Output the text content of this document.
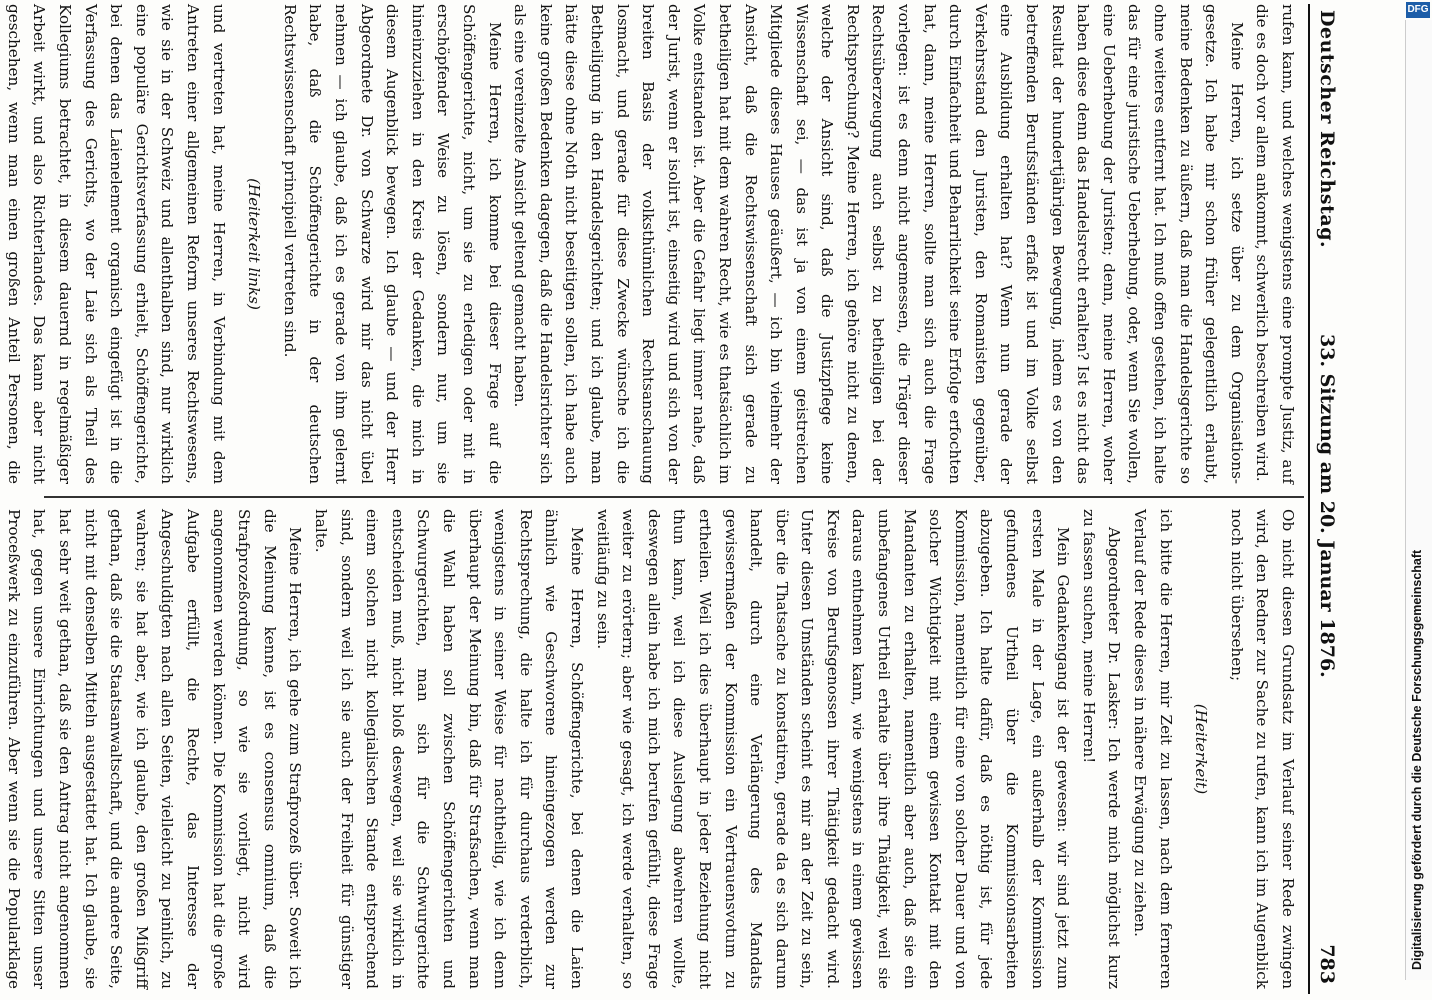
DFG
Digitalisierung gefördert durch die Deutsche Forschungsgemeinschaft
Deutscher Reichstag.
33. Sitzung am 20. Januar 1876.
783

rufen kann, und welches wenigstens eine prompte Justiz, auf die es doch vor allem ankommt, schwerlich beschreiben wird.

Meine Herren, ich setze über zu dem Organisations-gesetze. Ich habe mir schon früher gelegentlich erlaubt, meine Bedenken zu äußern, daß man die Handelsgerichte so ohne weiteres entfernt hat. Ich muß offen gestehen, ich halte das für eine juristische Ueberhebung, oder, wenn Sie wollen, eine Ueberhebung der Juristen; denn, meine Herren, woher haben diese denn das Handelsrecht erhalten? Ist es nicht das Resultat der hundertjährigen Bewegung, indem es von den betreffenden Berufsständen erfaßt ist und im Volke selbst eine Ausbildung erhalten hat? Wenn nun gerade der Verkehrsstand den Juristen, den Romanisten gegenüber, durch Einfachheit und Beharrlichkeit seine Erfolge erfochten hat, dann, meine Herren, sollte man sich auch die Frage vorlegen: ist es denn nicht angemessen, die Träger dieser Rechtsüberzeugung auch selbst zu betheiligen bei der Rechtsprechung? Meine Herren, ich gehöre nicht zu denen, welche der Ansicht sind, daß die Justizpflege keine Wissenschaft sei, — das ist ja von einem geistreichen Mitgliede dieses Hauses geäußert, — ich bin vielmehr der Ansicht, daß die Rechtswissenschaft sich gerade zu betheiligen hat mit dem wahren Recht, wie es thatsächlich im Volke entstanden ist. Aber die Gefahr liegt immer nahe, daß der Jurist, wenn er isolirt ist, einseitig wird und sich von der breiten Basis der volksthümlichen Rechtsanschauung losmacht, und gerade für diese Zwecke wünsche ich die Betheiligung in den Handelsgerichten; und ich glaube, man hätte diese ohne Noth nicht beseitigen sollen, ich habe auch keine großen Bedenken dagegen, daß die Handelsrichter sich als eine vereinzelte Ansicht geltend gemacht haben.

Meine Herren, ich komme bei dieser Frage auf die Schöffengerichte, nicht, um sie zu erledigen oder mit in erschöpfender Weise zu lösen, sondern nur, um sie hineinzuziehen in den Kreis der Gedanken, die mich in diesem Augenblick bewegen. Ich glaube — und der Herr Abgeordnete Dr. von Schwarze wird mir das nicht übel nehmen — ich glaube, daß ich es gerade von ihm gelernt habe, daß die Schöffengerichte in der deutschen Rechtswissenschaft principiell vertreten sind.

(Heiterkeit links)

und vertreten hat, meine Herren, in Verbindung mit dem Antreten einer allgemeinen Reform unseres Rechtswesens, wie sie in der Schweiz und allenthalben sind, nur wirklich eine populäre Gerichtsverfassung erhielt, Schöffengerichte, bei denen das Laienelement organisch eingefügt ist in die Verfassung des Gerichts, wo der Laie sich als Theil des Kollegiums betrachtet, in diesem dauernd in regelmäßiger Arbeit wirkt, und also Richterlandes. Das kann aber nicht geschehen, wenn man einen großen Anteil Personen, die

Ob nicht diesen Grundsatz im Verlauf seiner Rede zwingen wird, den Redner zur Sache zu rufen, kann ich im Augenblick noch nicht übersehen;

(Heiterkeit)

ich bitte die Herren, mir Zeit zu lassen, nach dem ferneren Verlauf der Rede dieses in nähere Erwägung zu ziehen.

Abgeordneter Dr. Lasker: Ich werde mich möglichst kurz zu fassen suchen, meine Herren!

Mein Gedankengang ist der gewesen: wir sind jetzt zum ersten Male in der Lage, ein außerhalb der Kommission gefundenes Urtheil über die Kommissionsarbeiten abzugeben. Ich halte dafür, daß es nöthig ist, für jede Kommission, namentlich für eine von solcher Dauer und von solcher Wichtigkeit mit einem gewissen Kontakt mit den Mandanten zu erhalten, namentlich aber auch, daß sie ein unbefangenes Urtheil erhalte über ihre Thätigkeit, weil sie daraus entnehmen kann, wie wenigstens in einem gewissen Kreise von Berufsgenossen ihrer Thätigkeit gedacht wird. Unter diesen Umständen scheint es mir an der Zeit zu sein, über die Thatsache zu konstatiren, gerade da es sich darum handelt, durch eine Verlängerung des Mandats gewissermaßen der Kommission ein Vertrauensvotum zu ertheilen. Weil ich dies überhaupt in jeder Beziehung nicht thun kann, weil ich diese Auslegung abwehren wollte, deswegen allein habe ich mich berufen gefühlt, diese Frage weiter zu erörtern; aber wie gesagt, ich werde verhalten, so weitläufig zu sein.

Meine Herren, Schöffengerichte, bei denen die Laien ähnlich wie Geschworene hineingezogen werden zur Rechtsprechung, die halte ich für durchaus verderblich, wenigstens in seiner Weise für nachtheilig, wie ich denn überhaupt der Meinung bin, daß für Strafsachen, wenn man die Wahl haben soll zwischen Schöffengerichten und Schwurgerichten, man sich für die Schwurgerichte entscheiden muß, nicht bloß deswegen, weil sie wirklich in einem solchen nicht kollegialischen Stande entsprechend sind, sondern weil ich sie auch der Freiheit für günstiger halte.

Meine Herren, ich gehe zum Strafprozeß über. Soweit ich die Meinung kenne, ist es consensus omnium, daß die Strafprozeßordnung, so wie sie vorliegt, nicht wird angenommen werden können. Die Kommission hat die große Aufgabe erfüllt, die Rechte, das Interesse der Angeschuldigten nach allen Seiten, vielleicht zu peinlich, zu wahren; sie hat aber, wie ich glaube, den großen Mißgriff gethan, daß sie die Staatsanwaltschaft, und die andere Seite, nicht mit denselben Mitteln ausgestattet hat. Ich glaube, sie hat sehr weit gethan, daß sie den Antrag nicht angenommen hat, gegen unsere Einrichtungen und unsere Sitten unser Proceßwerk zu einzuführen. Aber wenn sie die Popularklage
